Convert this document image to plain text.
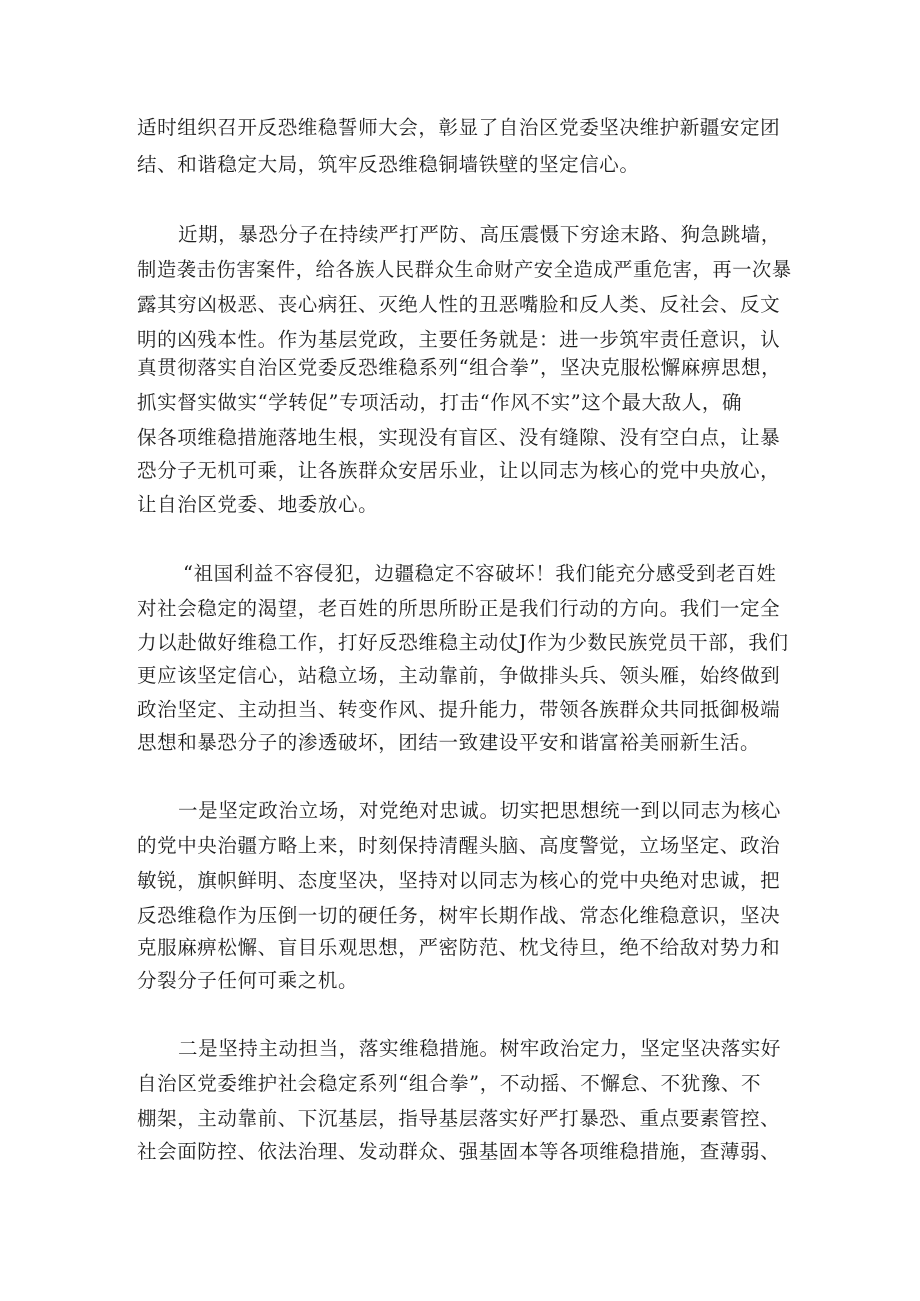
适时组织召开反恐维稳誓师大会，彰显了自治区党委坚决维护新疆安定团
结、和谐稳定大局，筑牢反恐维稳铜墙铁壁的坚定信心。
近期，暴恐分子在持续严打严防、高压震慑下穷途末路、狗急跳墙，
制造袭击伤害案件，给各族人民群众生命财产安全造成严重危害，再一次暴
露其穷凶极恶、丧心病狂、灭绝人性的丑恶嘴脸和反人类、反社会、反文
明的凶残本性。作为基层党政，主要任务就是：进一步筑牢责任意识，认
真贯彻落实自治区党委反恐维稳系列“组合拳”，坚决克服松懈麻痹思想，
抓实督实做实“学转促”专项活动，打击“作风不实”这个最大敌人，确
保各项维稳措施落地生根，实现没有盲区、没有缝隙、没有空白点，让暴
恐分子无机可乘，让各族群众安居乐业，让以同志为核心的党中央放心，
让自治区党委、地委放心。
“祖国利益不容侵犯，边疆稳定不容破坏！我们能充分感受到老百姓
对社会稳定的渴望，老百姓的所思所盼正是我们行动的方向。我们一定全
力以赴做好维稳工作，打好反恐维稳主动仗J作为少数民族党员干部，我们
更应该坚定信心，站稳立场，主动靠前，争做排头兵、领头雁，始终做到
政治坚定、主动担当、转变作风、提升能力，带领各族群众共同抵御极端
思想和暴恐分子的渗透破坏，团结一致建设平安和谐富裕美丽新生活。
一是坚定政治立场，对党绝对忠诚。切实把思想统一到以同志为核心
的党中央治疆方略上来，时刻保持清醒头脑、高度警觉，立场坚定、政治
敏锐，旗帜鲜明、态度坚决，坚持对以同志为核心的党中央绝对忠诚，把
反恐维稳作为压倒一切的硬任务，树牢长期作战、常态化维稳意识，坚决
克服麻痹松懈、盲目乐观思想，严密防范、枕戈待旦，绝不给敌对势力和
分裂分子任何可乘之机。
二是坚持主动担当，落实维稳措施。树牢政治定力，坚定坚决落实好
自治区党委维护社会稳定系列“组合拳”，不动摇、不懈怠、不犹豫、不
棚架，主动靠前、下沉基层，指导基层落实好严打暴恐、重点要素管控、
社会面防控、依法治理、发动群众、强基固本等各项维稳措施，查薄弱、
